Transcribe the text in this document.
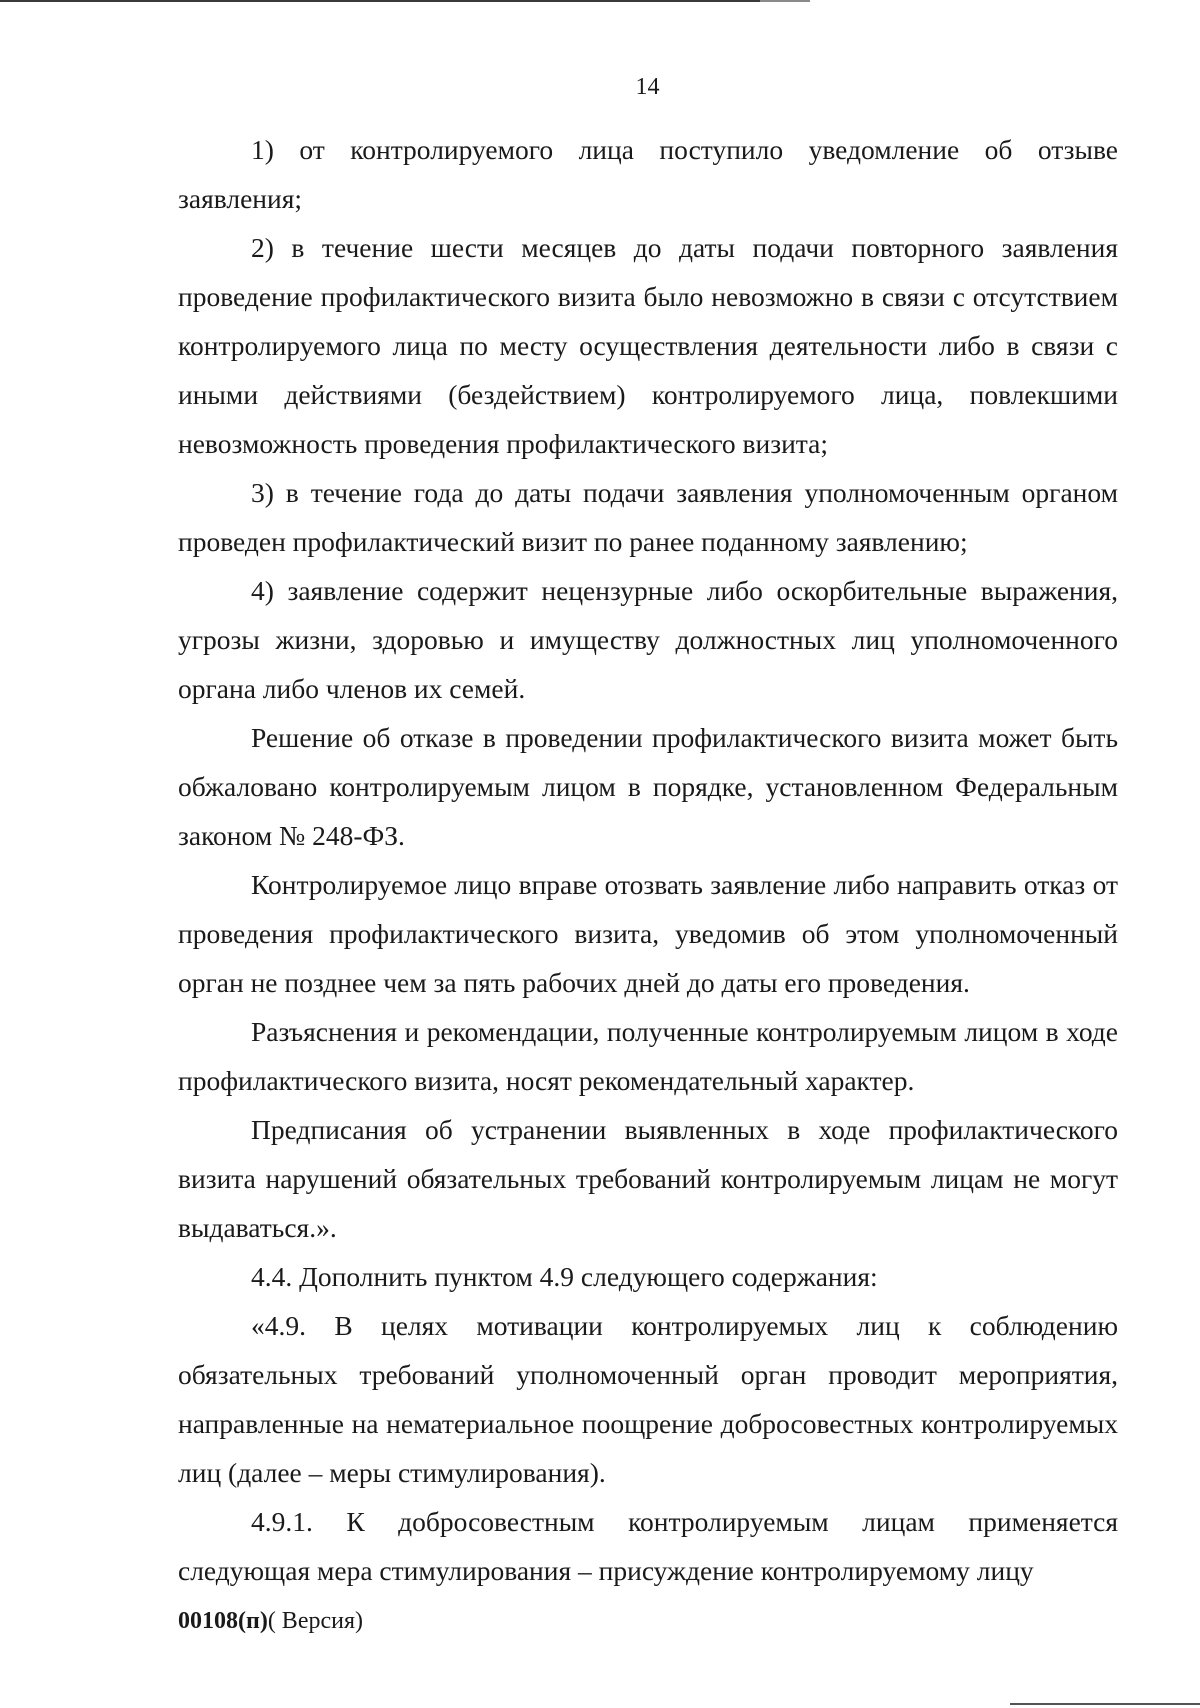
14

1) от контролируемого лица поступило уведомление об отзыве заявления;

2) в течение шести месяцев до даты подачи повторного заявления проведение профилактического визита было невозможно в связи с отсутствием контролируемого лица по месту осуществления деятельности либо в связи с иными действиями (бездействием) контролируемого лица, повлекшими невозможность проведения профилактического визита;

3) в течение года до даты подачи заявления уполномоченным органом проведен профилактический визит по ранее поданному заявлению;

4) заявление содержит нецензурные либо оскорбительные выражения, угрозы жизни, здоровью и имуществу должностных лиц уполномоченного органа либо членов их семей.

Решение об отказе в проведении профилактического визита может быть обжаловано контролируемым лицом в порядке, установленном Федеральным законом № 248-ФЗ.

Контролируемое лицо вправе отозвать заявление либо направить отказ от проведения профилактического визита, уведомив об этом уполномоченный орган не позднее чем за пять рабочих дней до даты его проведения.

Разъяснения и рекомендации, полученные контролируемым лицом в ходе профилактического визита, носят рекомендательный характер.

Предписания об устранении выявленных в ходе профилактического визита нарушений обязательных требований контролируемым лицам не могут выдаваться.».

4.4. Дополнить пунктом 4.9 следующего содержания:

«4.9. В целях мотивации контролируемых лиц к соблюдению обязательных требований уполномоченный орган проводит мероприятия, направленные на нематериальное поощрение добросовестных контролируемых лиц (далее – меры стимулирования).

4.9.1. К добросовестным контролируемым лицам применяется следующая мера стимулирования – присуждение контролируемому лицу

00108(п)( Версия)
